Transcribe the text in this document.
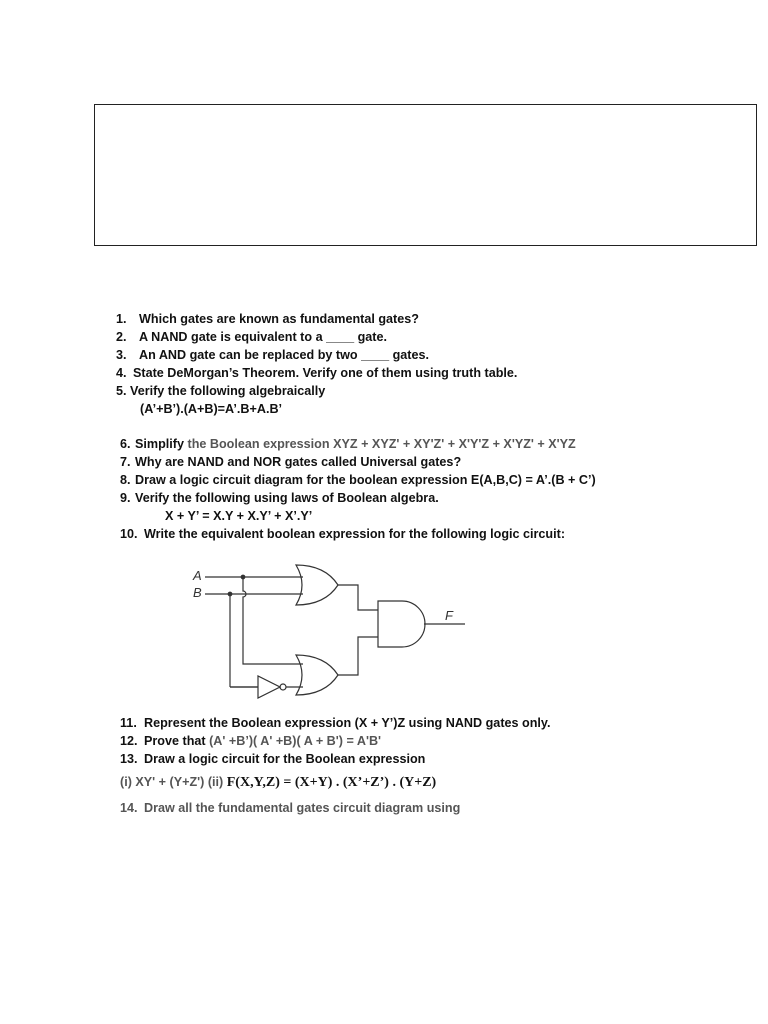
1. Which gates are known as fundamental gates?
2. A NAND gate is equivalent to a ____ gate.
3. An AND gate can be replaced by two ____ gates.
4. State DeMorgan’s Theorem. Verify one of them using truth table.
5. Verify the following algebraically
(A’+B’).(A+B)=A’.B+A.B’
6. Simplify the Boolean expression XYZ + XYZ' + XY'Z' + X'Y'Z + X'YZ' + X'YZ
7. Why are NAND and NOR gates called Universal gates?
8. Draw a logic circuit diagram for the boolean expression E(A,B,C) = A’.(B + C’)
9. Verify the following using laws of Boolean algebra.
X + Y’ = X.Y + X.Y’ + X’.Y’
10. Write the equivalent boolean expression for the following logic circuit:
A
B
F
11. Represent the Boolean expression (X + Y’)Z using NAND gates only.
12. Prove that (A' +B’)( A' +B)( A + B') = A'B'
13. Draw a logic circuit for the Boolean expression
(i) XY' + (Y+Z') (ii) F(X,Y,Z) = (X+Y) . (X’+Z’) . (Y+Z)
14. Draw all the fundamental gates circuit diagram using
